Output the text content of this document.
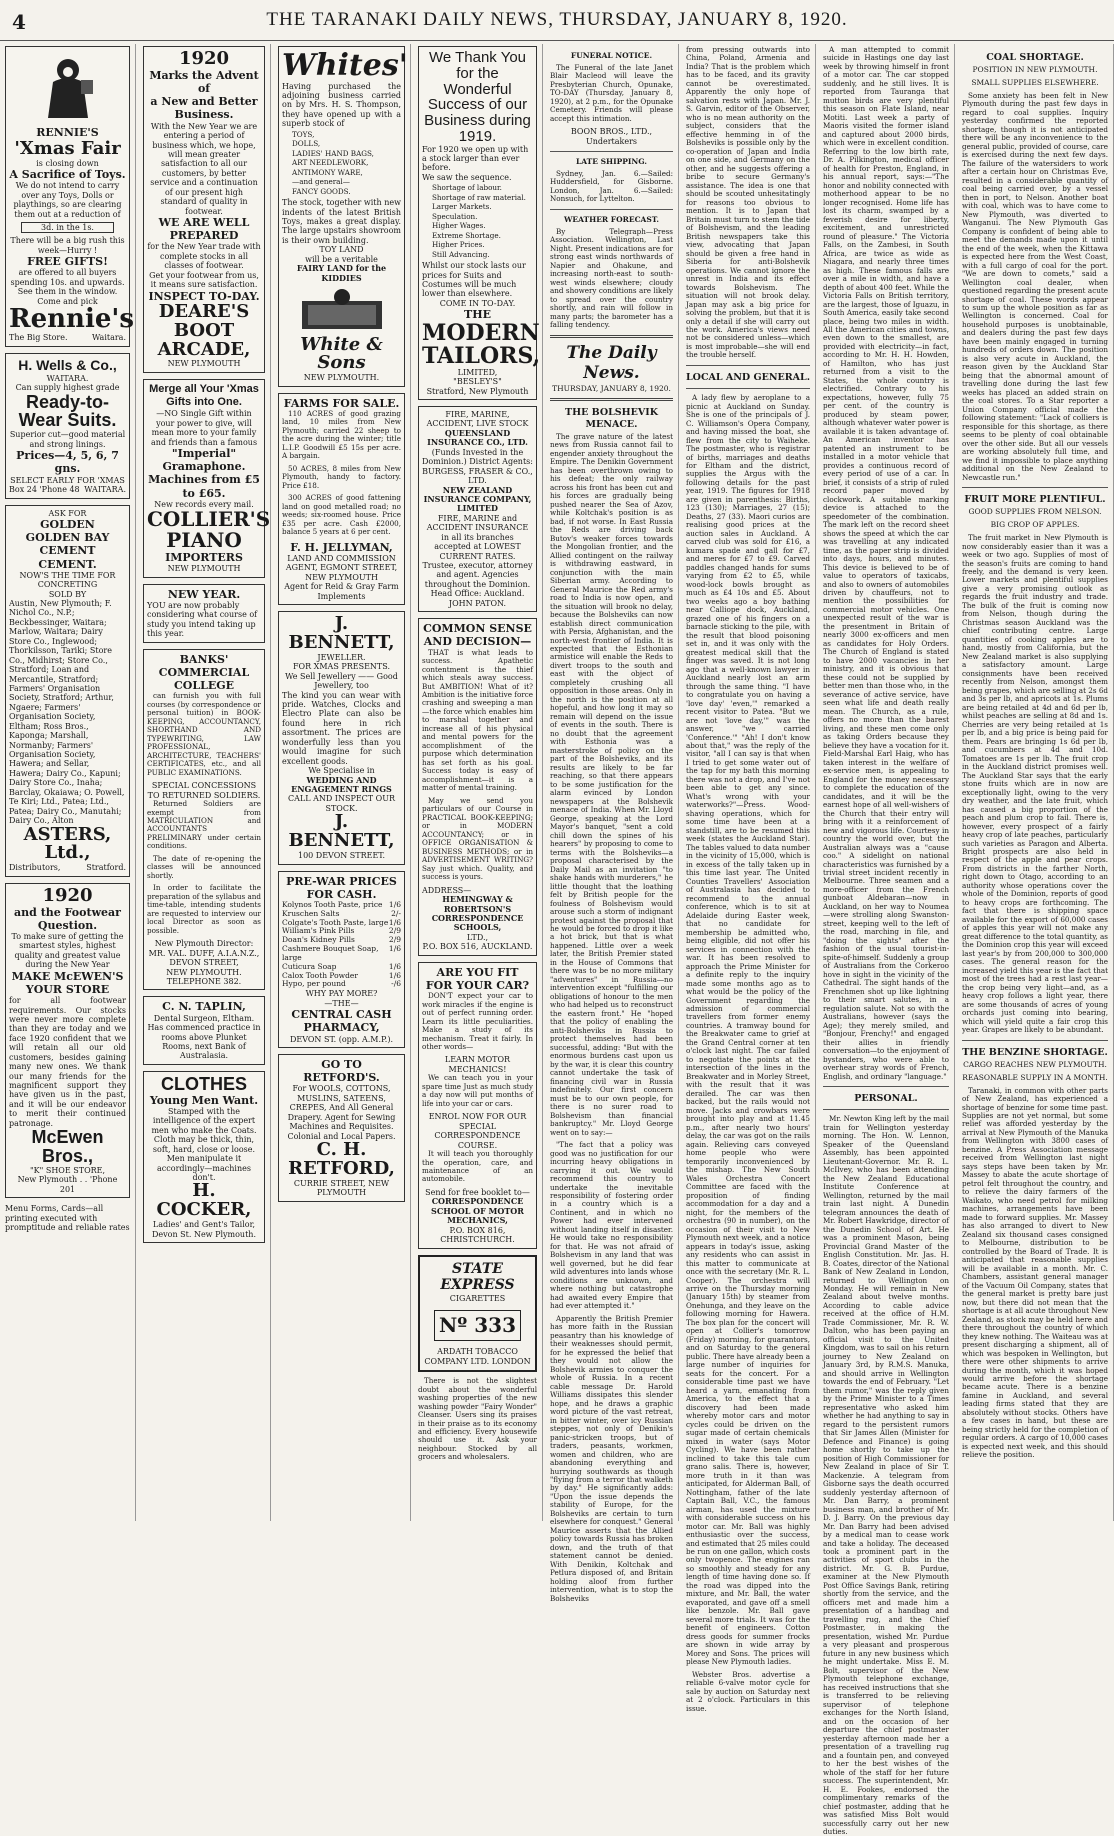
4	THE TARANAKI DAILY NEWS, THURSDAY, JANUARY 8, 1920.
RENNIE'S
'Xmas Fair
is closing down
A Sacrifice of Toys.
We do not intend to carry over any Toys, Dolls or playthings, so are clearing them out at a reduction of
3d. in the 1s.
There will be a big rush this week—Hurry !
FREE GIFTS!
are offered to all buyers spending 10s. and upwards. See them in the window. Come and pick
Rennie's
The Big Store.	Waitara.
H. Wells & Co.,
WAITARA.
Can supply highest grade
Ready-to-Wear Suits.
Superior cut—good material and strong linings.
Prices—4, 5, 6, 7 gns.
SELECT EARLY FOR 'XMAS
Box 24 'Phone 48 WAITARA.
ASK FOR
GOLDEN
GOLDEN BAY CEMENT
CEMENT.
NOW'S THE TIME FOR CONCRETING
SOLD BY
Austin, New Plymouth; F. Nichol Co., N.P.; Beckbessinger, Waitara; Marlow, Waitara; Dairy Store Co., Inglewood; Thorkilsson, Tariki; Store Co., Midhirst; Store Co., Stratford; Loan and Mercantile, Stratford; Farmers' Organisation Society, Stratford; Arthur, Ngaere; Farmers' Organisation Society, Eltham; Ross Bros., Kaponga; Marshall, Normanby; Farmers' Organisation Society, Hawera; and Sellar, Hawera; Dairy Co., Kapuni; Dairy Store Co., Inaha; Barclay, Okaiawa; O. Powell, Te Kiri; Ltd., Patea; Ltd., Patea; Dairy Co., Manutahi; Dairy Co., Alton
ASTERS, Ltd.,
Distributors,	Stratford.
1920
and the Footwear Question.
To make sure of getting the smartest styles, highest quality and greatest value during the New Year
MAKE McEWEN'S YOUR STORE
for all footwear requirements. Our stocks were never more complete than they are today and we face 1920 confident that we will retain all our old customers, besides gaining many new ones. We thank our many friends for the magnificent support they have given us in the past, and it will be our endeavor to merit their continued patronage.
McEwen Bros.,
"K" SHOE STORE,
New Plymouth . . 'Phone 201
Menu Forms, Cards—all printing executed with promptitude and reliable rates
1920
Marks the Advent of
a New and Better
Business.
With the New Year we are entering a period of business which, we hope, will mean greater satisfaction to all our customers, by better service and a continuation of our present high standard of quality in footwear.
WE ARE WELL PREPARED
for the New Year trade with complete stocks in all classes of footwear.
Get your footwear from us, it means sure satisfaction.
INSPECT TO-DAY.
DEARE'S BOOT ARCADE,
NEW PLYMOUTH
Merge all Your 'Xmas Gifts into One.
—NO Single Gift within your power to give, will mean more to your family and friends than a famous
"Imperial" Gramaphone.
Machines from £5 to £65.
New records every mail.
COLLIER'S PIANO
IMPORTERS
NEW PLYMOUTH
NEW YEAR.
YOU are now probably considering what course of study you intend taking up this year.
BANKS' COMMERCIAL COLLEGE

can furnish you with full courses (by correspondence or personal tuition) in BOOK-KEEPING, ACCOUNTANCY, SHORTHAND AND TYPEWRITING, LAW PROFESSIONAL, ARCHITECTURE, TEACHERS' CERTIFICATES, etc., and all PUBLIC EXAMINATIONS.

SPECIAL CONCESSIONS TO RETURNED SOLDIERS.

Returned Soldiers are exempt from MATRICULATION and ACCOUNTANTS PRELIMINARY under certain conditions.

The date of re-opening the classes will be announced shortly.

In order to facilitate the preparation of the syllabus and time-table, intending students are requested to interview our local Director as soon as possible.

New Plymouth Director:
MR. VAL. DUFF, A.I.A.N.Z.,
DEVON STREET,
NEW PLYMOUTH.
TELEPHONE 382.
C. N. TAPLIN,
Dental Surgeon, Eltham.
Has commenced practice in rooms above Plunket Rooms, next Bank of Australasia.
CLOTHES
Young Men Want.
Stamped with the intelligence of the expert men who make the Coats.
Cloth may be thick, thin, soft, hard, close or loose. Men manipulate it accordingly—machines don't.
H. COCKER,
Ladies' and Gent's Tailor,
Devon St. New Plymouth.
Whites'
Having purchased the adjoining business carried on by Mrs. H. S. Thompson, they have opened up with a superb stock of
TOYS,
DOLLS,
LADIES' HAND BAGS,
ART NEEDLEWORK,
ANTIMONY WARE,
—and general—
FANCY GOODS.
The stock, together with new indents of the latest British Toys, makes a great display. The large upstairs showroom is their own building.
TOY LAND
will be a veritable
FAIRY LAND for the KIDDIES
White & Sons
NEW PLYMOUTH.
FARMS FOR SALE.

110 ACRES of good grazing land, 10 miles from New Plymouth; carried 22 sheep to the acre during the winter; title L.I.P. Goodwill £5 15s per acre. A bargain.

50 ACRES, 8 miles from New Plymouth, handy to factory. Price £18.

300 ACRES of good fattening land on good metalled road; no weeds; six-roomed house. Price £35 per acre. Cash £2000, balance 5 years at 6 per cent.

F. H. JELLYMAN,
LAND AND COMMISSION AGENT, EGMONT STREET, NEW PLYMOUTH
Agent for Reid & Gray Farm Implements
J. BENNETT,
JEWELLER.
FOR XMAS PRESENTS.
We Sell Jewellery —— Good Jewellery, too
The kind you can wear with pride. Watches, Clocks and Electro Plate can also be found here in rich assortment. The prices are wonderfully less than you would imagine for such excellent goods.
We Specialise in
WEDDING AND ENGAGEMENT RINGS
CALL AND INSPECT OUR STOCK.
J. BENNETT,
100 DEVON STREET.
PRE-WAR PRICES FOR CASH.
Kolynos Tooth Paste, price 1/6
Kruschen Salts	2/-
Colgate's Tooth Paste, large 1/6
William's Pink Pills	2/9
Doan's Kidney Pills	2/9
Cashmere Bouquet Soap, large
1/6
Cuticura Soap	1/6
Calox Tooth Powder	1/6
Hypo, per pound	-/6
WHY PAY MORE?
—THE—
CENTRAL CASH PHARMACY,
DEVON ST. (opp. A.M.P.).
GO TO RETFORD'S.
For WOOLS, COTTONS, MUSLINS, SATEENS, CREPES, And All General Drapery. Agent for Sewing Machines and Requisites. Colonial and Local Papers.
C. H. RETFORD,
CURRIE STREET, NEW PLYMOUTH
We Thank You for the Wonderful Success of our Business during 1919.
For 1920 we open up with a stock larger than ever before.
We saw the sequence.
Shortage of labour.
Shortage of raw material.
Larger Markets.
Speculation.
Higher Wages.
Extreme Shortage.
Higher Prices.
Still Advancing.
Whilst our stock lasts our prices for Suits and Costumes will be much lower than elsewhere.
COME IN TO-DAY.
THE
MODERN TAILORS,
LIMITED,
"BESLEY'S"
Stratford, New Plymouth
FIRE, MARINE, ACCIDENT, LIVE STOCK
QUEENSLAND INSURANCE CO., LTD.
(Funds Invested in the Dominion.) District Agents: BURGESS, FRASER & CO., LTD.
NEW ZEALAND INSURANCE COMPANY, LIMITED
FIRE, MARINE and ACCIDENT INSURANCE in all its branches accepted at LOWEST CURRENT RATES. Trustee, executor, attorney and agent. Agencies throughout the Dominion. Head Office: Auckland.
JOHN PATON.
COMMON SENSE AND DECISION—

THAT is what leads to success. Apathetic contentment is the thief which steals away success. But AMBITION! What of it? Ambition is the initiative force crashing and sweeping a man—the force which enables him to marshal together and increase all of his physical and mental powers for the accomplishment of the purpose which determination has set forth as his goal. Success today is easy of accomplishment—it is a matter of mental training.

May we send you particulars of our Course in PRACTICAL BOOK-KEEPING; or in MODERN ACCOUNTANCY; or in OFFICE ORGANISATION & BUSINESS METHODS; or in ADVERTISEMENT WRITING? Say just which. Quality, and success is yours.

ADDRESS—
HEMINGWAY & ROBERTSON'S CORRESPONDENCE SCHOOLS,
LTD.,
P.O. BOX 516, AUCKLAND.
ARE YOU FIT FOR YOUR CAR?

DON'T expect your car to work miracles if the engine is out of perfect running order. Learn its little peculiarities. Make a study of its mechanism. Treat it fairly. In other words—

LEARN MOTOR MECHANICS!

We can teach you in your spare time Just as much study a day now will put months of life into your car or cars.

ENROL NOW FOR OUR SPECIAL CORRESPONDENCE COURSE.

It will teach you thoroughly the operation, care, and maintenance of an automobile.

Send for free booklet to—
CORRESPONDENCE SCHOOL OF MOTOR MECHANICS,
P.O. BOX 816,
CHRISTCHURCH.
STATE EXPRESS
CIGARETTES
Nº 333
ARDATH TOBACCO COMPANY LTD. LONDON

There is not the slightest doubt about the wonderful washing properties of the new washing powder "Fairy Wonder" Cleanser. Users sing its praises in their praise as to its economy and efficiency. Every housewife should use it. Ask your neighbour. Stocked by all grocers and wholesalers.

FUNERAL NOTICE.

The Funeral of the late Janet Blair Macleod will leave the Presbyterian Church, Opunake, TO-DAY (Thursday, January 8, 1920), at 2 p.m., for the Opunake Cemetery. Friends will please accept this intimation.

BOON BROS., LTD., Undertakers
LATE SHIPPING.

Sydney, Jan. 6.—Sailed: Huddersfield, for Gisborne. London, Jan. 6.—Sailed: Nonsuch, for Lyttelton.

WEATHER FORECAST.

By Telegraph—Press Association. Wellington, Last Night. Present indications are for strong east winds northwards of Napier and Ohakune, and increasing north-east to south-west winds elsewhere; cloudy and showery conditions are likely to spread over the country shortly, and rain will follow in many parts; the barometer has a falling tendency.

The Daily News.
THURSDAY, JANUARY 8, 1920.
THE BOLSHEVIK MENACE.

The grave nature of the latest news from Russia cannot fail to engender anxiety throughout the Empire. The Denikin Government has been overthrown owing to his defeat; the only railway across his front has been cut and his forces are gradually being pushed nearer the Sea of Azov, while Koltchak's position is as bad, if not worse. In East Russia the Reds are driving back Butov's weaker forces towards the Mongolian frontier, and the Allied contingent on the railway is withdrawing eastward, in conjunction with the main Siberian army. According to General Maurice the Red army's road to India is now open, and the situation will brook no delay, because the Bolsheviks can now establish direct communication with Persia, Afghanistan, and the north-west frontier of India. It is expected that the Esthonian armistice will enable the Reds to divert troops to the south and east with the object of completely crushing all opposition in those areas. Only in the north is the position at all hopeful, and how long it may so remain will depend on the issue of events in the south. There is no doubt that the agreement with Esthonia was a masterstroke of policy on the part of the Bolsheviks, and its results are likely to be far reaching, so that there appears to be some justification for the alarm evinced by London newspapers at the Bolshevik menace of India. When Mr. Lloyd George, speaking at the Lord Mayor's banquet, "sent a cold chill down the spines of his hearers" by proposing to come to terms with the Bolsheviks—a proposal characterised by the Daily Mail as an invitation "to shake hands with murderers," he little thought that the loathing felt by British people for the foulness of Bolshevism would arouse such a storm of indignant protest against the proposal that he would be forced to drop it like a hot brick, but that is what happened. Little over a week later, the British Premier stated in the House of Commons that there was to be no more military "adventures" in Russia—no intervention except "fulfilling our obligations of honour to the men who had helped us to reconstruct the eastern front." He "hoped that the policy of enabling the anti-Bolsheviks in Russia to protect themselves had been successful, adding: "But with the enormous burdens cast upon us by the war, it is clear this country cannot undertake the task of financing civil war in Russia indefinitely. Our first concern must be to our own people, for there is no surer road to Bolshevism than financial bankruptcy." Mr. Lloyd George went on to say:—

"The fact that a policy was good was no justification for our incurring heavy obligations in carrying it out. We would recommend this country to undertake the inevitable responsibility of fostering order in a country which is a Continent, and in which no Power had ever intervened without landing itself in disaster. He would take no responsibility for that. He was not afraid of Bolshevism in any land that was well governed, but he did fear wild adventures into lands whose conditions are unknown, and where nothing but catastrophe had awaited every Empire that had ever attempted it."

Apparently the British Premier has more faith in the Russian peasantry than his knowledge of their weaknesses should permit, for he expressed the belief that they would not allow the Bolshevik armies to conquer the whole of Russia. In a recent cable message Dr. Harold Williams dissipates this slender hope, and he draws a graphic word picture of the vast retreat, in bitter winter, over icy Russian steppes, not only of Denikin's panic-stricken troops, but of traders, peasants, workmen, women and children, who are abandoning everything and hurrying southwards as though "flying from a terror that walketh by day." He significantly adds: "Upon the issue depends the stability of Europe, for the Bolsheviks are certain to turn elsewhere for conquest." General Maurice asserts that the Allied policy towards Russia has broken down, and the truth of that statement cannot be denied. With Denikin, Koltchak and Petlura disposed of, and Britain holding aloof from further intervention, what is to stop the Bolsheviks

from pressing outwards into China, Poland, Armenia and India? That is the problem which has to be faced, and its gravity cannot be overestimated. Apparently the only hope of salvation rests with Japan. Mr. J. S. Garvin, editor of the Observer, who is no mean authority on the subject, considers that the effective hemming in of the Bolsheviks is possible only by the co-operation of Japan and India on one side, and Germany on the other, and he suggests offering a bribe to secure Germany's assistance. The idea is one that should be scouted unhesitatingly for reasons too obvious to mention. It is to Japan that Britain must turn to stem the tide of Bolshevism, and the leading British newspapers take this view, advocating that Japan should be given a free hand in Siberia for anti-Bolshevik operations. We cannot ignore the unrest in India and its effect towards Bolshevism. The situation will not brook delay. Japan may ask a big price for solving the problem, but that it is only a detail if she will carry out the work. America's views need not be considered unless—which is most improbable—she will end the trouble herself.

LOCAL AND GENERAL.

A lady flew by aeroplane to a picnic at Auckland on Sunday. She is one of the principals of J. C. Williamson's Opera Company, and having missed the boat, she flew from the city to Waiheke. The postmaster, who is registrar of births, marriages and deaths for Eltham and the district, supplies the Argus with the following details for the past year, 1919. The figures for 1918 are given in parenthesis: Births, 123 (130); Marriages, 27 (15); Deaths, 27 (33). Maori curios are realising good prices at the auction sales in Auckland. A carved club was sold for £16, a kumara spade and gall for £7, and meres for £7 to £9. Carved paddles changed hands for sums varying from £2 to £5, while wood-lock bowls brought as much as £4 10s and £5. About two weeks ago a boy bathing near Calliope dock, Auckland, grazed one of his fingers on a barnacle sticking to the pile, with the result that blood poisoning set in, and it was only with the greatest medical skill that the finger was saved. It is not long ago that a well-known lawyer in Auckland nearly lost an arm through the same thing. "I have to congratulate you on having a 'love day' 'even,'" remarked a recent visitor to Patea. "But we are not 'love day,'" was the answer, "we carried 'Conference.'" "Ah! I don't know about that," was the reply of the visitor, "all I can say is that when I tried to get some water out of the tap for my bath this morning there was not a drop, and I've not been able to get any since. What's wrong with your waterworks?"—Press. Wood-shaving operations, which for some time have been at a standstill, are to be resumed this week (states the Auckland Star). The tables valued to data number in the vicinity of 15,000, which is in excess of the tally taken up in this time last year. The United Counties Travellers' Association of Australasia has decided to recommend to the annual conference, which is to sit at Adelaide during Easter week, that no candidate for membership be admitted who, being eligible, did not offer his services in connection with the war. It has been resolved to approach the Prime Minister for a definite reply to the inquiry made some months ago as to what would be the policy of the Government regarding the admission of commercial travellers from former enemy countries. A tramway bound for the Breakwater came to grief at the Grand Central corner at ten o'clock last night. The car failed to negotiate the points at the intersection of the lines in the Breakwater and in Morley Street, with the result that it was derailed. The car was then backed, but the rails would not move. Jacks and crowbars were brought into play and at 11.45 p.m., after nearly two hours' delay, the car was got on the rails again. Relieving cars conveyed home people who were temporarily inconvenienced by the mishap. The New South Wales Orchestra Concert Committee are faced with the proposition of finding accommodation for a day and a night, for the members of the orchestra (90 in number), on the occasion of their visit to New Plymouth next week, and a notice appears in today's issue, asking any residents who can assist in this matter to communicate at once with the secretary (Mr. R. L. Cooper). The orchestra will arrive on the Thursday morning (January 15th) by steamer from Onehunga, and they leave on the following morning for Hawera. The box plan for the concert will open at Collier's tomorrow (Friday) morning, for guarantors, and on Saturday to the general public. There have already been a large number of inquiries for seats for the concert. For a considerable time past we have heard a yarn, emanating from America, to the effect that a discovery had been made whereby motor cars and motor cycles could be driven on the sugar made of certain chemicals mixed in water (says Motor Cycling). We have been rather inclined to take this tale cum grano salis. There is, however, more truth in it than was anticipated, for Alderman Ball, of Nottingham, father of the late Captain Ball, V.C., the famous airman, has used the mixture with considerable success on his motor car. Mr. Ball was highly enthusiastic over the success, and estimated that 25 miles could be run on one gallon, which costs only twopence. The engines ran so smoothly and steady for any length of time having done so. If the road was dipped into the mixture, and Mr. Ball, the water evaporated, and gave off a smell like benzole. Mr. Ball gave several more trials. It was for the benefit of engineers. Cotton dress goods for summer frocks are shown in wide array by Morey and Sons. The prices will please New Plymouth ladies.

Webster Bros. advertise a reliable 6-valve motor cycle for sale by auction on Saturday next at 2 o'clock. Particulars in this issue.

A man attempted to commit suicide in Hastings one day last week by throwing himself in front of a motor car. The car stopped suddenly, and he still lives. It is reported from Tauranga that mutton birds are very plentiful this season on Flate Island, near Motiti. Last week a party of Maoris visited the former island and captured about 2000 birds, which were in excellent condition. Referring to the low birth rate, Dr. A. Pilkington, medical officer of health for Preston, England, in his annual report, says:—"The honor and nobility connected with motherhood appear to be no longer recognised. Home life has lost its charm, swamped by a feverish desire for liberty, excitement, and unrestricted round of pleasure." The Victoria Falls, on the Zambesi, in South Africa, are twice as wide as Niagara, and nearly three times as high. These famous falls are over a mile in width, and have a depth of about 400 feet. While the Victoria Falls on British territory, are the largest, those of Iguazu, in South America, easily take second place, being two miles in width. All the American cities and towns, even down to the smallest, are provided with electricity—in fact, according to Mr. H. H. Howden, of Hamilton, who has just returned from a visit to the States, the whole country is electrified. Contrary to his expectations, however, fully 75 per cent. of the country is produced by steam power, although whatever water power is available it is taken advantage of. An American inventor has patented an instrument to be installed in a motor vehicle that provides a continuous record of every period of use of a car. In brief, it consists of a strip of ruled record paper moved by clockwork. A suitable marking device is attached to the speedometer of the combination. The mark left on the record sheet shows the speed at which the car was travelling at any indicated time, as the paper strip is divided into days, hours, and minutes. This device is believed to be of value to operators of taxicabs, and also to owners of automobiles driven by chauffeurs, not to mention the possibilities for commercial motor vehicles. One unexpected result of the war is the presentment in Britain of nearly 3000 ex-officers and men as candidates for Holy Orders. The Church of England is stated to have 2000 vacancies in her ministry, and it is obvious that these could not be supplied by better men than those who, in the severance of active service, have seen what life and death really mean. The Church, as a rule, offers no more than the barest living, and these men come only as taking Orders because they believe they have a vocation for it. Field-Marshal Earl Haig, who has taken interest in the welfare of ex-service men, is appealing to England for the money necessary to complete the education of the candidates, and it will be the earnest hope of all well-wishers of the Church that their entry will bring with it a reinforcement of new and vigorous life. Courtesy in country the world over, but the Australian always was a "cause coo." A sidelight on national characteristics was furnished by a trivial street incident recently in Melbourne. Three seamen and a more-officer from the French gunboat Aldebaran—now in Auckland, on her way to Noumea—were strolling along Swanston-street, keeping well to the left of the road, marching in file, and "doing the sights" after the fashion of the usual tourist-in-spite-of-himself. Suddenly a group of Australians from the Corkeroo hove in sight in the vicinity of the Cathedral. The sight hands of the Frenchmen shot up like lightning to their smart salutes, in a regulation salute. Not so with the Australians, however (says the Age); they merely smiled, and "Bonjour, Frenchy!" and engaged their allies in friendly conversation—to the enjoyment of bystanders, who were able to overhear stray words of French, English, and ordinary "language."

PERSONAL.

Mr. Newton King left by the mail train for Wellington yesterday morning. The Hon. W. Lennon, Speaker of the Queensland Assembly, has been appointed Lieutenant-Governor. Mr. R. L. McIlvey, who has been attending the New Zealand Educational Institute Conference at Wellington, returned by the mail train last night. A Dunedin telegram announces the death of Mr. Robert Hawkridge, director of the Dunedin School of Art. He was a prominent Mason, being Provincial Grand Master of the English Constitution. Mr. Jas. H. B. Coates, director of the National Bank of New Zealand in London, returned to Wellington on Monday. He will remain in New Zealand about twelve months. According to cable advice received at the office of H.M. Trade Commissioner, Mr. R. W. Dalton, who has been paying an official visit to the United Kingdom, was to sail on his return journey to New Zealand on January 3rd, by R.M.S. Manuka, and should arrive in Wellington towards the end of February. "Let them rumor," was the reply given by the Prime Minister to a Times representative who asked him whether he had anything to say in regard to the persistent rumors that Sir James Allen (Minister for Defence and Finance) is going home shortly to take up the position of High Commissioner for New Zealand in place of Sir T. Mackenzie. A telegram from Gisborne says the death occurred suddenly yesterday afternoon of Mr. Dan Barry, a prominent business man, and brother of Mr. D. J. Barry. On the previous day Mr. Dan Barry had been advised by a medical man to cease work and take a holiday. The deceased took a prominent part in the activities of sport clubs in the district. Mr. G. B. Purdue, examiner at the New Plymouth Post Office Savings Bank, retiring shortly from the service, and the officers met and made him a presentation of a handbag and travelling rug, and the Chief Postmaster, in making the presentation, wished Mr. Purdue a very pleasant and prosperous future in any new business which he might undertake. Miss E. M. Bolt, supervisor of the New Plymouth telephone exchange, has received instructions that she is transferred to be relieving supervisor of telephone exchanges for the North Island, and on the occasion of her departure the chief postmaster yesterday afternoon made her a presentation of a travelling rug and a fountain pen, and conveyed to her the best wishes of the whole of the staff for her future success. The superintendent, Mr. H. E. Fookes, endorsed the complimentary remarks of the chief postmaster, adding that he was satisfied Miss Bolt would successfully carry out her new duties.

COAL SHORTAGE.
POSITION IN NEW PLYMOUTH.
SMALL SUPPLIES ELSEWHERE.

Some anxiety has been felt in New Plymouth during the past few days in regard to coal supplies. Inquiry yesterday confirmed the reported shortage, though it is not anticipated there will be any inconvenience to the general public, provided of course, care is exercised during the next few days. The failure of the watersiders to work after a certain hour on Christmas Eve, resulted in a considerable quantity of coal being carried over, by a vessel then in port, to Nelson. Another boat with coal, which was to have come to New Plymouth, was diverted to Wanganui. The New Plymouth Gas Company is confident of being able to meet the demands made upon it until the end of the week, when the Kittawa is expected here from the West Coast, with a full cargo of coal for the port. "We are down to comets," said a Wellington coal dealer, when questioned regarding the present acute shortage of coal. These words appear to sum up the whole position as far as Wellington is concerned. Coal for household purposes is unobtainable, and dealers during the past few days have been mainly engaged in turning hundreds of orders down. The position is also very acute in Auckland, the reason given by the Auckland Star being that the abnormal amount of travelling done during the last few weeks has placed an added strain on the coal stores. To a Star reporter a Union Company official made the following statement: "Lack of colliers is responsible for this shortage, as there seems to be plenty of coal obtainable over the other side. But all our vessels are working absolutely full time, and we find it impossible to place anything additional on the New Zealand to Newcastle run."

FRUIT MORE PLENTIFUL.
GOOD SUPPLIES FROM NELSON.
BIG CROP OF APPLES.

The fruit market in New Plymouth is now considerably easier than it was a week or two ago. Supplies of most of the season's fruits are coming to hand freely, and the demand is very keen. Lower markets and plentiful supplies give a very promising outlook as regards the fruit industry and trade. The bulk of the fruit is coming now from Nelson, though during the Christmas season Auckland was the chief contributing centre. Large quantities of cooking apples are to hand, mostly from California, but the New Zealand market is also supplying a satisfactory amount. Large consignments have been received recently from Nelson, amongst them being grapes, which are selling at 2s 6d and 3s per lb, and apricots at 1s. Plums are being retailed at 4d and 6d per lb, whilst peaches are selling at 8d and 1s. Cherries are very being retailed at 1s per lb, and a big price is being paid for them. Pears are bringing 1s 6d per lb, and cucumbers at 4d and 10d. Tomatoes are 1s per lb. The fruit crop in the Auckland district promises well. The Auckland Star says that the early stone fruits which are in now are exceptionally light, owing to the very dry weather, and the late fruit, which has caused a big proportion of the peach and plum crop to fail. There is, however, every prospect of a fairly heavy crop of late peaches, particularly such varieties as Paragon and Alberta. Bright prospects are also held in respect of the apple and pear crops. From districts in the farther North, right down to Otago, according to an authority whose operations cover the whole of the Dominion, reports of good to heavy crops are forthcoming. The fact that there is shipping space available for the export of 60,000 cases of apples this year will not make any great difference to the total quantity, as the Dominion crop this year will exceed last year's by from 200,000 to 300,000 cases. The general reason for the increased yield this year is the fact that most of the trees had a rest last year—the crop being very light—and, as a heavy crop follows a light year, there are some thousands of acres of young orchards just coming into bearing, which will yield quite a fair crop this year. Grapes are likely to be abundant.

THE BENZINE SHORTAGE.
CARGO REACHES NEW PLYMOUTH.
REASONABLE SUPPLY IN A MONTH.

Taranaki, in common with other parts of New Zealand, has experienced a shortage of benzine for some time past. Supplies are not yet normal, but some relief was afforded yesterday by the arrival at New Plymouth of the Manuka from Wellington with 3800 cases of benzine. A Press Association message received from Wellington last night says steps have been taken by Mr. Massey to abate the acute shortage of petrol felt throughout the country, and to relieve the dairy farmers of the Waikato, who need petrol for milking machines, arrangements have been made to forward supplies. Mr. Massey has also arranged to divert to New Zealand six thousand cases consigned to Melbourne, distribution to be controlled by the Board of Trade. It is anticipated that reasonable supplies will be available in a month. Mr. C. Chambers, assistant general manager of the Vacuum Oil Company, states that the general market is pretty bare just now, but there did not mean that the shortage is at all acute throughout New Zealand, as stock may be held here and there throughout the country of which they knew nothing. The Waiteau was at present discharging a shipment, all of which was bespoken in Wellington, but there were other shipments to arrive during the month, which it was hoped would arrive before the shortage became acute. There is a benzine famine in Auckland, and several leading firms stated that they are absolutely without stocks. Others have a few cases in hand, but these are being strictly held for the completion of regular orders. A cargo of 10,000 cases is expected next week, and this should relieve the position.
